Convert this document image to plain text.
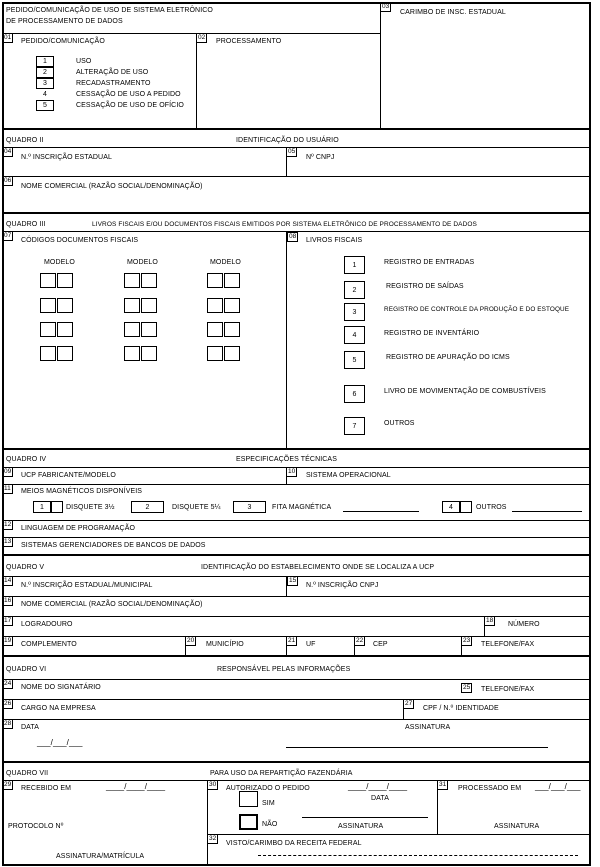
PEDIDO/COMUNICAÇÃO DE USO DE SISTEMA ELETRÔNICO
DE PROCESSAMENTO DE DADOS
03
CARIMBO DE INSC. ESTADUAL
01
PEDIDO/COMUNICAÇÃO
02
PROCESSAMENTO
1	USO
2	ALTERAÇÃO DE USO
3	RECADASTRAMENTO
4	CESSAÇÃO DE USO A PEDIDO
5	CESSAÇÃO DE USO DE OFÍCIO
QUADRO II	IDENTIFICAÇÃO DO USUÁRIO
04
N.º INSCRIÇÃO ESTADUAL
05
Nº CNPJ
06
NOME COMERCIAL (RAZÃO SOCIAL/DENOMINAÇÃO)
QUADRO III	LIVROS FISCAIS E/OU DOCUMENTOS FISCAIS EMITIDOS POR SISTEMA ELETRÔNICO DE PROCESSAMENTO DE DADOS
07
CÓDIGOS DOCUMENTOS FISCAIS
08
LIVROS FISCAIS
MODELO	MODELO	MODELO	1	REGISTRO DE ENTRADAS
2	REGISTRO DE SAÍDAS
3	REGISTRO DE CONTROLE DA PRODUÇÃO E DO ESTOQUE
4	REGISTRO DE INVENTÁRIO
5	REGISTRO DE APURAÇÃO DO ICMS
6	LIVRO DE MOVIMENTAÇÃO DE COMBUSTÍVEIS
7	OUTROS
QUADRO IV	ESPECIFICAÇÕES TÉCNICAS
09
UCP FABRICANTE/MODELO
10
SISTEMA OPERACIONAL
11 MEIOS MAGNÉTICOS DISPONÍVEIS
1	DISQUETE 3½	2	DISQUETE 5¼	3	FITA MAGNÉTICA	4	OUTROS
12
LINGUAGEM DE PROGRAMAÇÃO
13
SISTEMAS GERENCIADORES DE BANCOS DE DADOS
QUADRO V	IDENTIFICAÇÃO DO ESTABELECIMENTO ONDE SE LOCALIZA A UCP
14
N.º INSCRIÇÃO ESTADUAL/MUNICIPAL
15
N.º INSCRIÇÃO CNPJ
16
NOME COMERCIAL (RAZÃO SOCIAL/DENOMINAÇÃO)
17
LOGRADOURO
18
NÚMERO
19
COMPLEMENTO
20
MUNICÍPIO
21
UF
22
CEP
23
TELEFONE/FAX
QUADRO VI	RESPONSÁVEL PELAS INFORMAÇÕES
24
NOME DO SIGNATÁRIO	25 TELEFONE/FAX
26
CARGO NA EMPRESA
27
CPF / N.º IDENTIDADE
28
DATA	ASSINATURA
___/___/___
QUADRO VII	PARA USO DA REPARTIÇÃO FAZENDÁRIA
29
RECEBIDO EM	____/____/____
PROTOCOLO Nº
ASSINATURA/MATRÍCULA
30
AUTORIZADO O PEDIDO	____/____/____
DATA
SIM
NÃO	ASSINATURA
31
PROCESSADO EM ___/___/___
ASSINATURA
32
VISTO/CARIMBO DA RECEITA FEDERAL
